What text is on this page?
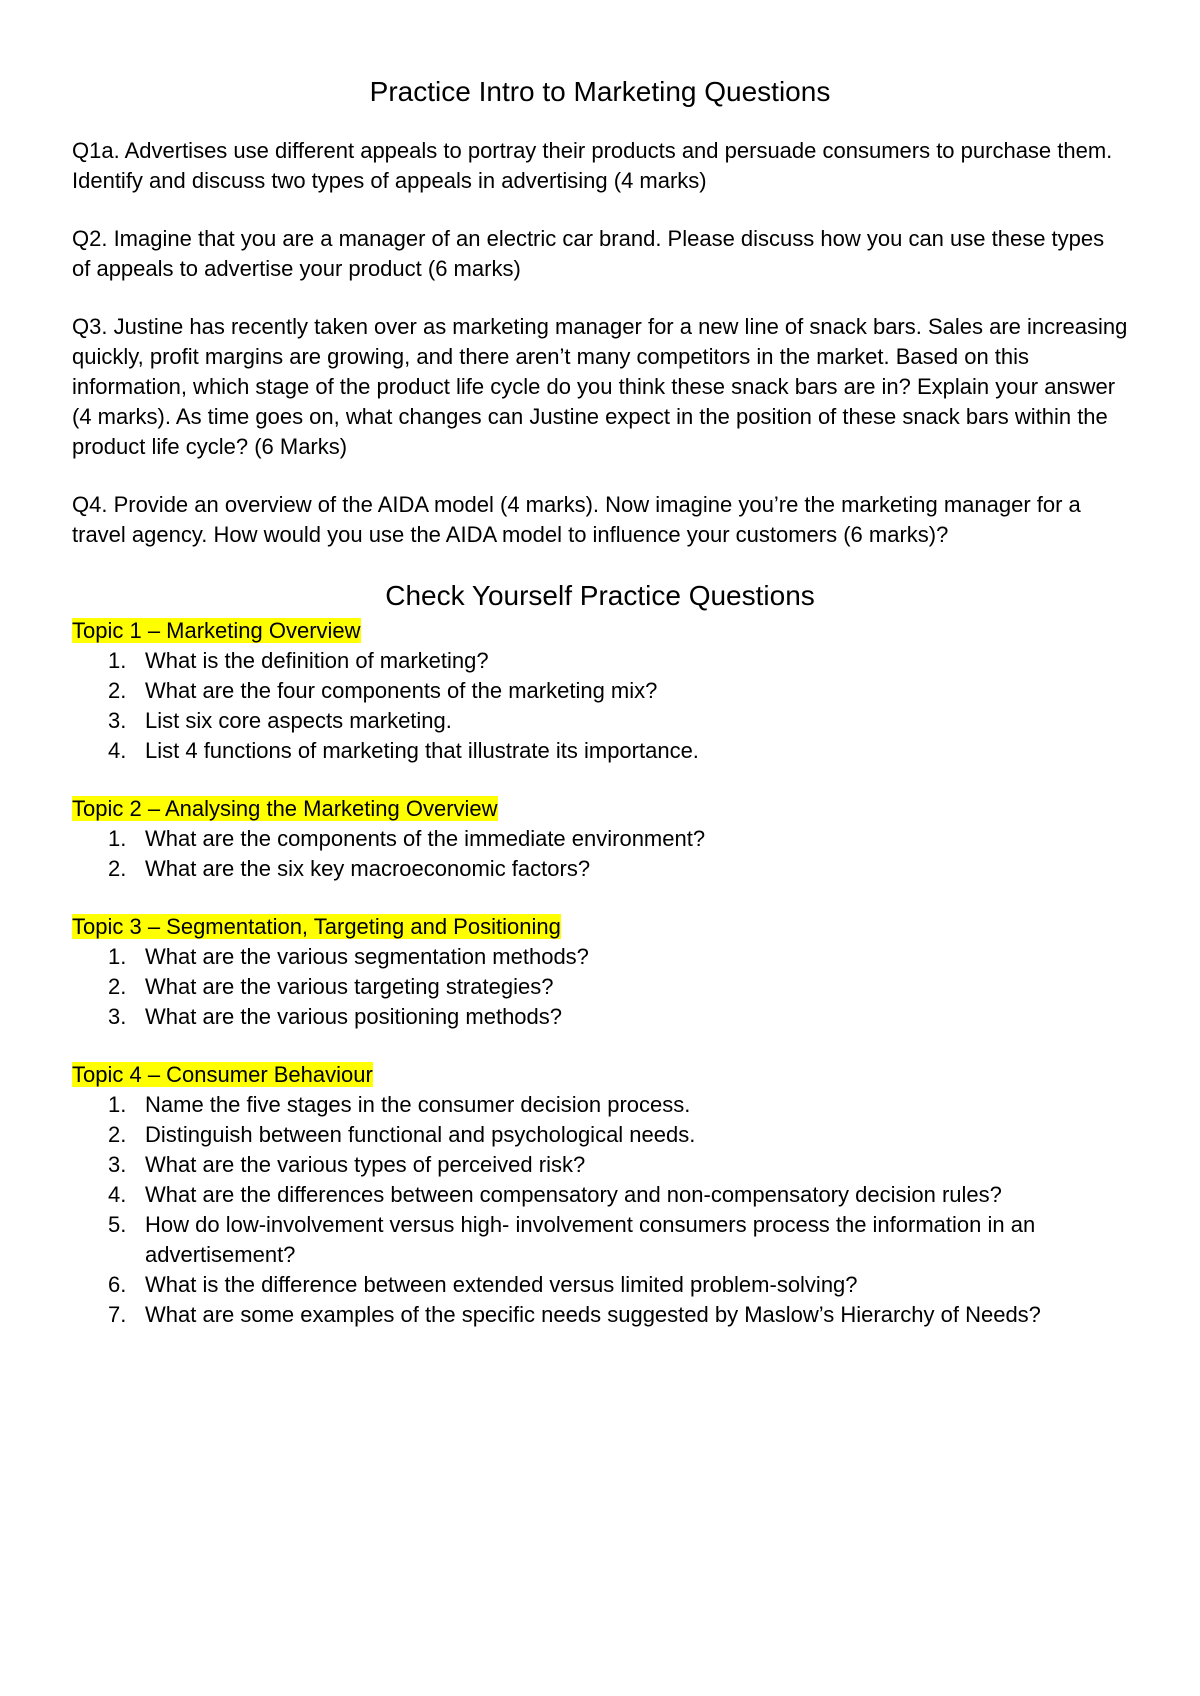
Practice Intro to Marketing Questions

Q1a. Advertises use different appeals to portray their products and persuade consumers to purchase them. Identify and discuss two types of appeals in advertising (4 marks)

Q2. Imagine that you are a manager of an electric car brand. Please discuss how you can use these types of appeals to advertise your product (6 marks)

Q3. Justine has recently taken over as marketing manager for a new line of snack bars. Sales are increasing quickly, profit margins are growing, and there aren’t many competitors in the market. Based on this information, which stage of the product life cycle do you think these snack bars are in? Explain your answer (4 marks). As time goes on, what changes can Justine expect in the position of these snack bars within the product life cycle? (6 Marks)

Q4. Provide an overview of the AIDA model (4 marks). Now imagine you’re the marketing manager for a travel agency. How would you use the AIDA model to influence your customers (6 marks)?

Check Yourself Practice Questions
Topic 1 – Marketing Overview
1. What is the definition of marketing?
2. What are the four components of the marketing mix?
3. List six core aspects marketing.
4. List 4 functions of marketing that illustrate its importance.
Topic 2 – Analysing the Marketing Overview
1. What are the components of the immediate environment?
2. What are the six key macroeconomic factors?
Topic 3 – Segmentation, Targeting and Positioning
1. What are the various segmentation methods?
2. What are the various targeting strategies?
3. What are the various positioning methods?
Topic 4 – Consumer Behaviour
1. Name the five stages in the consumer decision process.
2. Distinguish between functional and psychological needs.
3. What are the various types of perceived risk?
4. What are the differences between compensatory and non-compensatory decision rules?
5. How do low-involvement versus high- involvement consumers process the information in an advertisement?
6. What is the difference between extended versus limited problem-solving?
7. What are some examples of the specific needs suggested by Maslow’s Hierarchy of Needs?
